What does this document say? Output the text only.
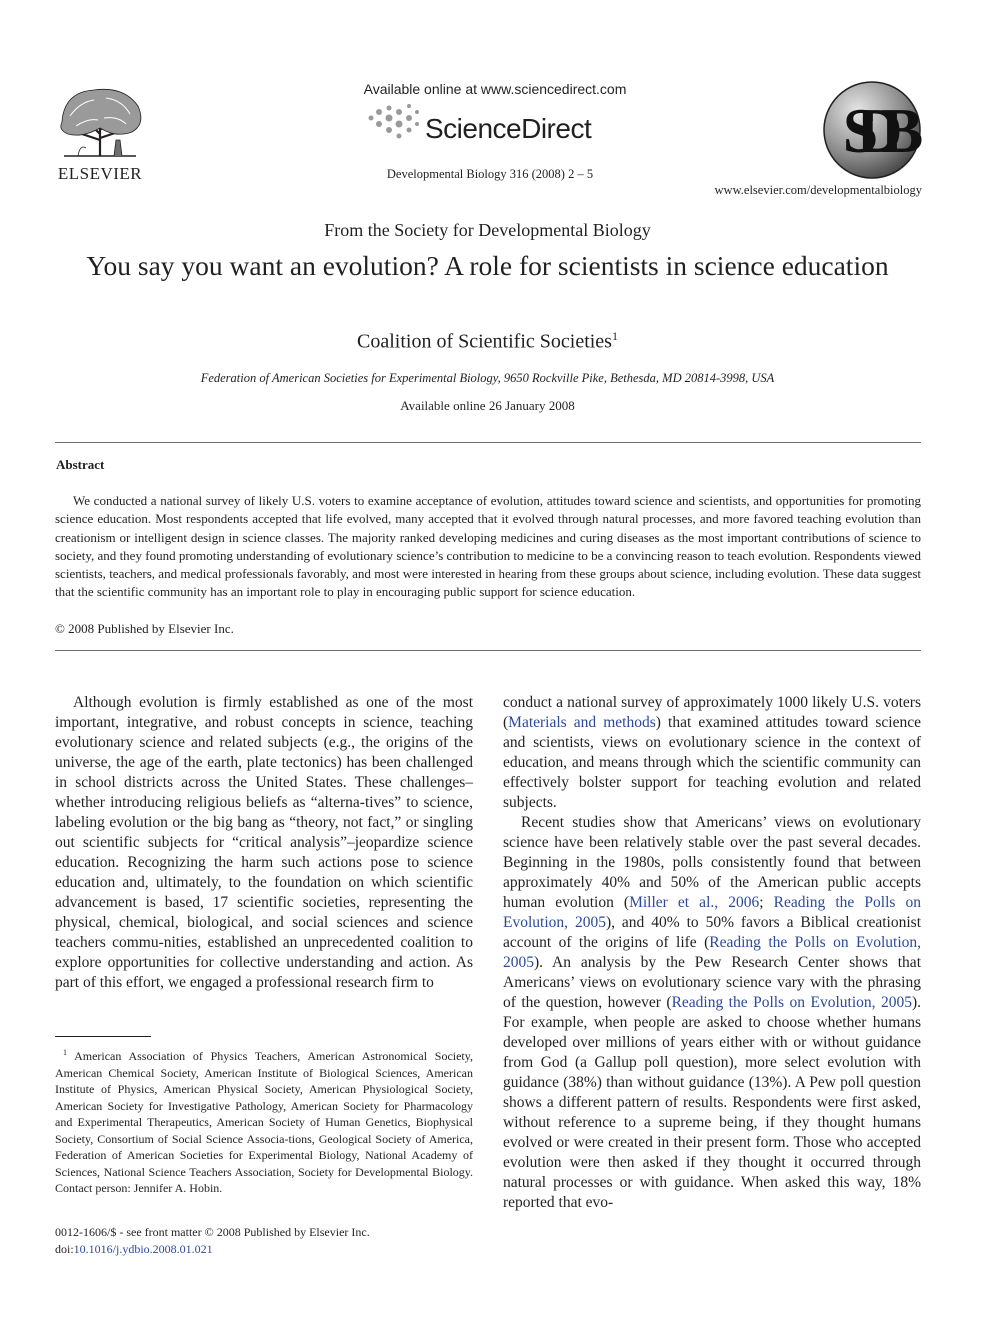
ELSEVIER
Available online at www.sciencedirect.com
ScienceDirect
Developmental Biology 316 (2008) 2 – 5
SDB
www.elsevier.com/developmentalbiology
From the Society for Developmental Biology
You say you want an evolution? A role for scientists in science education
Coalition of Scientific Societies$^1$
Federation of American Societies for Experimental Biology, 9650 Rockville Pike, Bethesda, MD 20814-3998, USA
Available online 26 January 2008
Abstract
We conducted a national survey of likely U.S. voters to examine acceptance of evolution, attitudes toward science and scientists, and opportunities for promoting science education. Most respondents accepted that life evolved, many accepted that it evolved through natural processes, and more favored teaching evolution than creationism or intelligent design in science classes. The majority ranked developing medicines and curing diseases as the most important contributions of science to society, and they found promoting understanding of evolutionary science’s contribution to medicine to be a convincing reason to teach evolution. Respondents viewed scientists, teachers, and medical professionals favorably, and most were interested in hearing from these groups about science, including evolution. These data suggest that the scientific community has an important role to play in encouraging public support for science education.
© 2008 Published by Elsevier Inc.

Although evolution is firmly established as one of the most important, integrative, and robust concepts in science, teaching evolutionary science and related subjects (e.g., the origins of the universe, the age of the earth, plate tectonics) has been challenged in school districts across the United States. These challenges–whether introducing religious beliefs as “alterna-tives” to science, labeling evolution or the big bang as “theory, not fact,” or singling out scientific subjects for “critical analysis”–jeopardize science education. Recognizing the harm such actions pose to science education and, ultimately, to the foundation on which scientific advancement is based, 17 scientific societies, representing the physical, chemical, biological, and social sciences and science teachers commu-nities, established an unprecedented coalition to explore opportunities for collective understanding and action. As part of this effort, we engaged a professional research firm to

conduct a national survey of approximately 1000 likely U.S. voters (Materials and methods) that examined attitudes toward science and scientists, views on evolutionary science in the context of education, and means through which the scientific community can effectively bolster support for teaching evolution and related subjects.

Recent studies show that Americans’ views on evolutionary science have been relatively stable over the past several decades. Beginning in the 1980s, polls consistently found that between approximately 40% and 50% of the American public accepts human evolution (Miller et al., 2006; Reading the Polls on Evolution, 2005), and 40% to 50% favors a Biblical creationist account of the origins of life (Reading the Polls on Evolution, 2005). An analysis by the Pew Research Center shows that Americans’ views on evolutionary science vary with the phrasing of the question, however (Reading the Polls on Evolution, 2005). For example, when people are asked to choose whether humans developed over millions of years either with or without guidance from God (a Gallup poll question), more select evolution with guidance (38%) than without guidance (13%). A Pew poll question shows a different pattern of results. Respondents were first asked, without reference to a supreme being, if they thought humans evolved or were created in their present form. Those who accepted evolution were then asked if they thought it occurred through natural processes or with guidance. When asked this way, 18% reported that evo-

$^1$ American Association of Physics Teachers, American Astronomical Society, American Chemical Society, American Institute of Biological Sciences, American Institute of Physics, American Physical Society, American Physiological Society, American Society for Investigative Pathology, American Society for Pharmacology and Experimental Therapeutics, American Society of Human Genetics, Biophysical Society, Consortium of Social Science Associa-tions, Geological Society of America, Federation of American Societies for Experimental Biology, National Academy of Sciences, National Science Teachers Association, Society for Developmental Biology. Contact person: Jennifer A. Hobin.
0012-1606/$ - see front matter © 2008 Published by Elsevier Inc.
doi:10.1016/j.ydbio.2008.01.021
